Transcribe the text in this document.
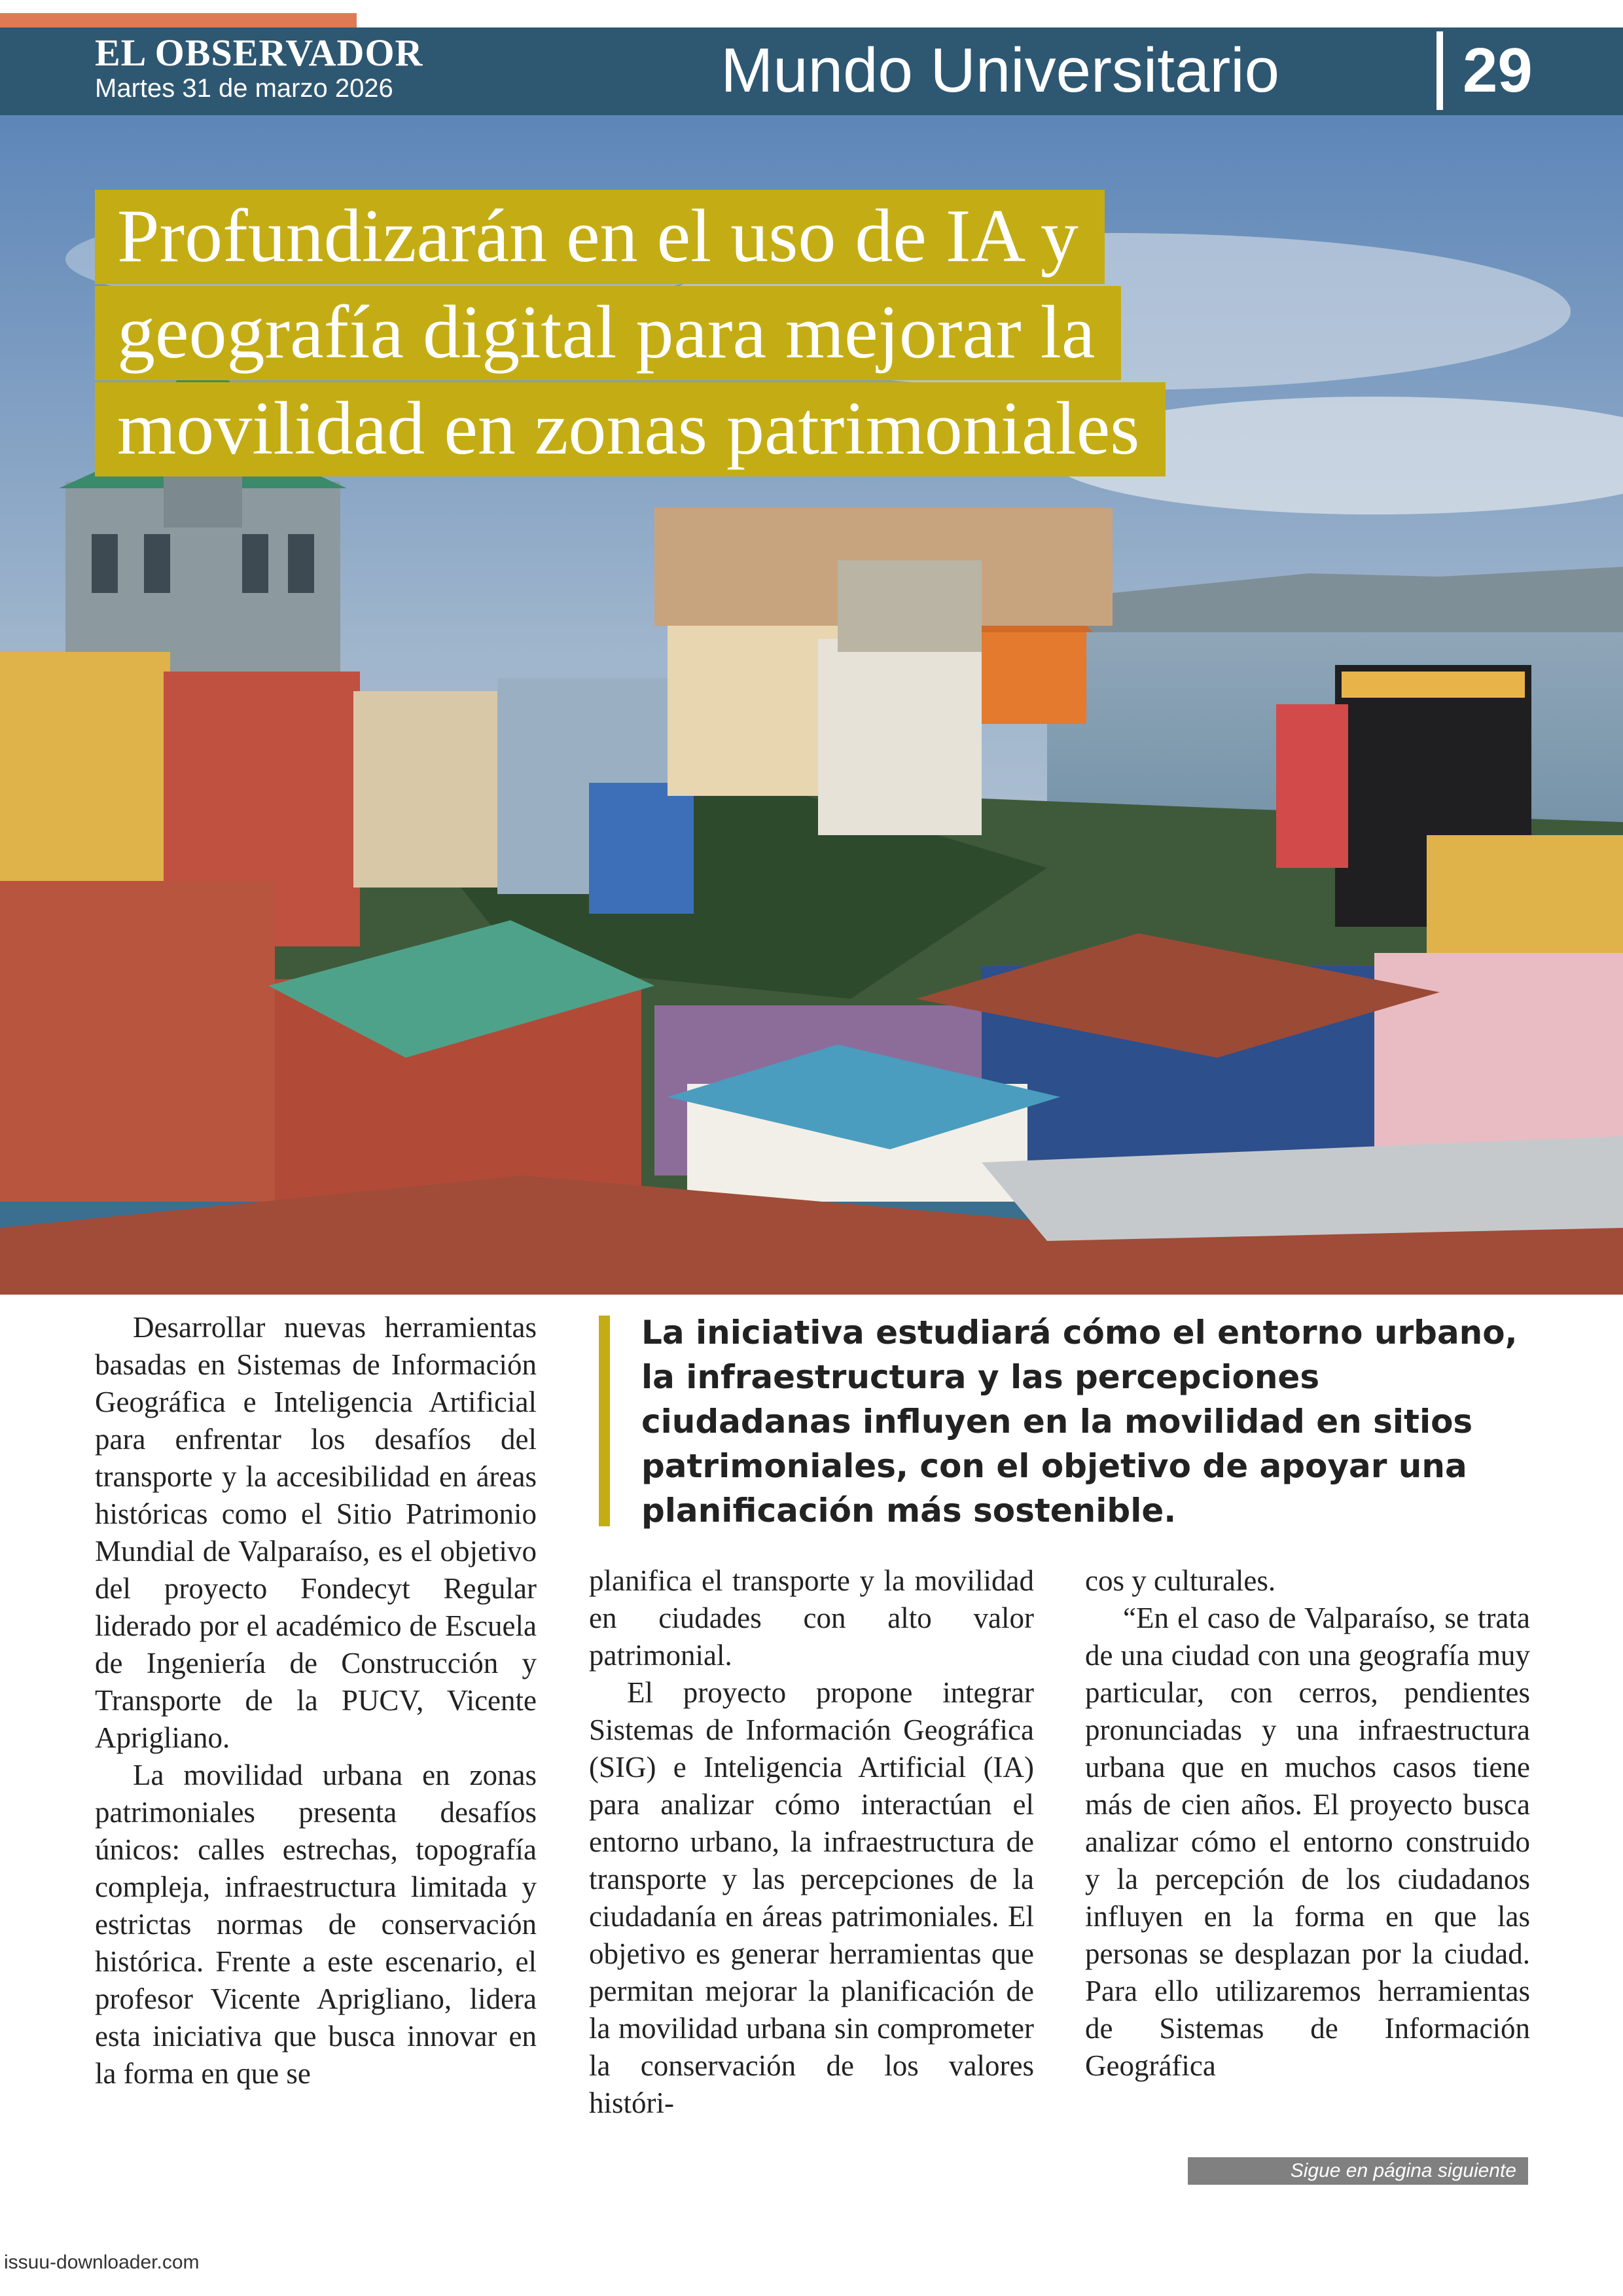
EL OBSERVADOR
Martes 31 de marzo 2026	Mundo Universitario	29
Profundizarán en el uso de IA y
geografía digital para mejorar la
movilidad en zonas patrimoniales

Desarrollar nuevas herramientas basadas en Sistemas de Información Geográfica e Inteligencia Artificial para enfrentar los desafíos del transporte y la accesibilidad en áreas históricas como el Sitio Patrimonio Mundial de Valparaíso, es el objetivo del proyecto Fondecyt Regular liderado por el académico de Escuela de Ingeniería de Construcción y Transporte de la PUCV, Vicente Aprigliano.

La movilidad urbana en zonas patrimoniales presenta desafíos únicos: calles estrechas, topografía compleja, infraestructura limitada y estrictas normas de conservación histórica. Frente a este escenario, el profesor Vicente Aprigliano, lidera esta iniciativa que busca innovar en la forma en que se

La iniciativa estudiará cómo el entorno urbano, la infraestructura y las percepciones ciudadanas influyen en la movilidad en sitios patrimoniales, con el objetivo de apoyar una planificación más sostenible.

planifica el transporte y la movilidad en ciudades con alto valor patrimonial.

El proyecto propone integrar Sistemas de Información Geográfica (SIG) e Inteligencia Artificial (IA) para analizar cómo interactúan el entorno urbano, la infraestructura de transporte y las percepciones de la ciudadanía en áreas patrimoniales. El objetivo es generar herramientas que permitan mejorar la planificación de la movilidad urbana sin comprometer la conservación de los valores históri-

cos y culturales.

“En el caso de Valparaíso, se trata de una ciudad con una geografía muy particular, con cerros, pendientes pronunciadas y una infraestructura urbana que en muchos casos tiene más de cien años. El proyecto busca analizar cómo el entorno construido y la percepción de los ciudadanos influyen en la forma en que las personas se desplazan por la ciudad. Para ello utilizaremos herramientas de Sistemas de Información Geográfica

Sigue en página siguiente
issuu-downloader.com
